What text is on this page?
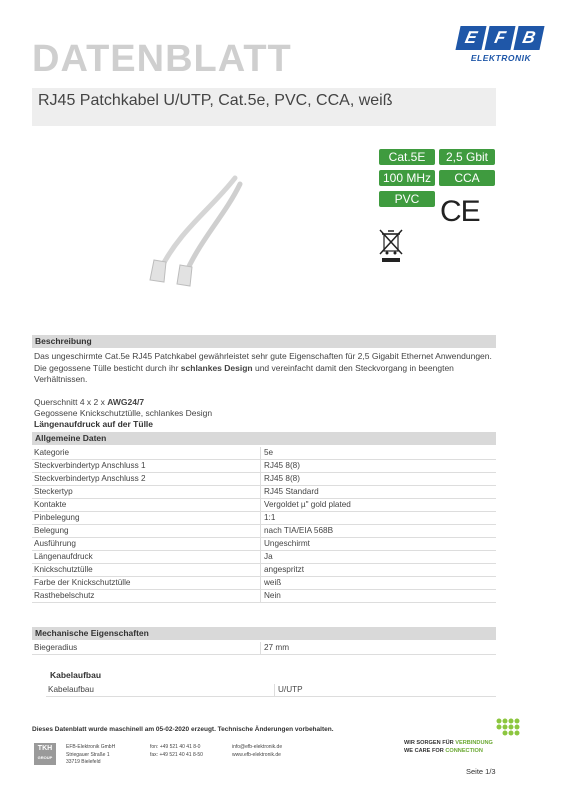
DATENBLATT
E F B
ELEKTRONIK
RJ45 Patchkabel U/UTP, Cat.5e, PVC, CCA, weiß
Cat.5E	2,5 Gbit
100 MHz	CCA
PVC CE
Beschreibung
Das ungeschirmte Cat.5e RJ45 Patchkabel gewährleistet sehr gute Eigenschaften für 2,5 Gigabit Ethernet Anwendungen. Die gegossene Tülle besticht durch ihr schlankes Design und vereinfacht damit den Steckvorgang in beengten Verhältnissen.
Querschnitt 4 x 2 x AWG24/7
Gegossene Knickschutztülle, schlankes Design
Längenaufdruck auf der Tülle
Allgemeine Daten
Kategorie	5e
Steckverbindertyp Anschluss 1	RJ45 8(8)
Steckverbindertyp Anschluss 2	RJ45 8(8)
Steckertyp	RJ45 Standard
Kontakte	Vergoldet µ" gold plated
Pinbelegung	1:1
Belegung	nach TIA/EIA 568B
Ausführung	Ungeschirmt
Längenaufdruck	Ja
Knickschutztülle	angespritzt
Farbe der Knickschutztülle	weiß
Rasthebelschutz	Nein
Mechanische Eigenschaften
Biegeradius	27 mm
Kabelaufbau
Kabelaufbau	U/UTP
Dieses Datenblatt wurde maschinell am 05-02-2020 erzeugt. Technische Änderungen vorbehalten.
TKH
GROUP
EFB-Elektronik GmbH
Striegauer Straße 1
33719 Bielefeld
fon: +49 521 40 41 8-0
fax: +49 521 40 41 8-50
info@efb-elektronik.de
www.efb-elektronik.de
WIR SORGEN FÜR VERBINDUNG
WE CARE FOR CONNECTION
Seite 1/3
